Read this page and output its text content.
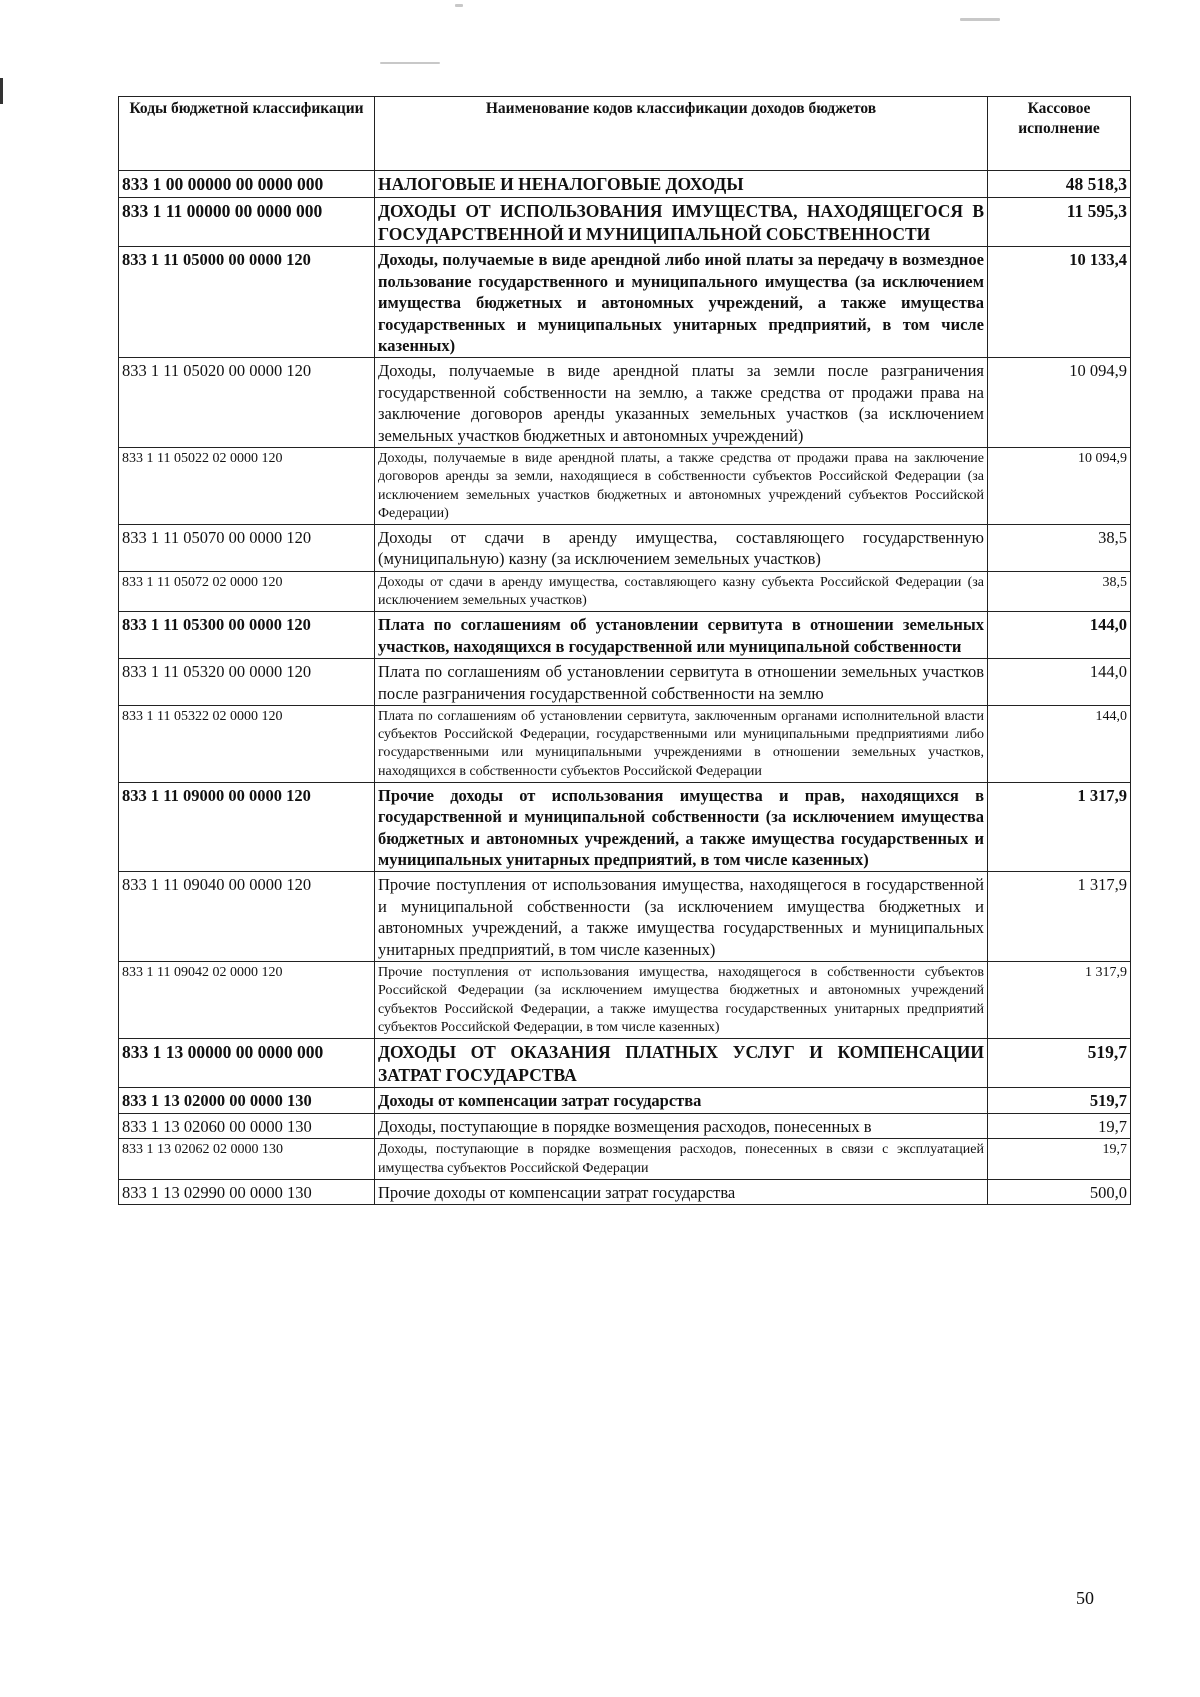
Коды бюджетной классификации	Наименование кодов классификации доходов бюджетов	Кассовое исполнение
833 1 00 00000 00 0000 000	НАЛОГОВЫЕ И НЕНАЛОГОВЫЕ ДОХОДЫ	48 518,3
833 1 11 00000 00 0000 000	ДОХОДЫ ОТ ИСПОЛЬЗОВАНИЯ ИМУЩЕСТВА, НАХОДЯЩЕГОСЯ В ГОСУДАРСТВЕННОЙ И МУНИЦИПАЛЬНОЙ СОБСТВЕННОСТИ	11 595,3
833 1 11 05000 00 0000 120	Доходы, получаемые в виде арендной либо иной платы за передачу в возмездное пользование государственного и муниципального имущества (за исключением имущества бюджетных и автономных учреждений, а также имущества государственных и муниципальных унитарных предприятий, в том числе казенных)	10 133,4
833 1 11 05020 00 0000 120	Доходы, получаемые в виде арендной платы за земли после разграничения государственной собственности на землю, а также средства от продажи права на заключение договоров аренды указанных земельных участков (за исключением земельных участков бюджетных и автономных учреждений)	10 094,9
833 1 11 05022 02 0000 120	Доходы, получаемые в виде арендной платы, а также средства от продажи права на заключение договоров аренды за земли, находящиеся в собственности субъектов Российской Федерации (за исключением земельных участков бюджетных и автономных учреждений субъектов Российской Федерации)	10 094,9
833 1 11 05070 00 0000 120	Доходы от сдачи в аренду имущества, составляющего государственную (муниципальную) казну (за исключением земельных участков)	38,5
833 1 11 05072 02 0000 120	Доходы от сдачи в аренду имущества, составляющего казну субъекта Российской Федерации (за исключением земельных участков)	38,5
833 1 11 05300 00 0000 120	Плата по соглашениям об установлении сервитута в отношении земельных участков, находящихся в государственной или муниципальной собственности	144,0
833 1 11 05320 00 0000 120	Плата по соглашениям об установлении сервитута в отношении земельных участков после разграничения государственной собственности на землю	144,0
833 1 11 05322 02 0000 120	Плата по соглашениям об установлении сервитута, заключенным органами исполнительной власти субъектов Российской Федерации, государственными или муниципальными предприятиями либо государственными или муниципальными учреждениями в отношении земельных участков, находящихся в собственности субъектов Российской Федерации	144,0
833 1 11 09000 00 0000 120	Прочие доходы от использования имущества и прав, находящихся в государственной и муниципальной собственности (за исключением имущества бюджетных и автономных учреждений, а также имущества государственных и муниципальных унитарных предприятий, в том числе казенных)	1 317,9
833 1 11 09040 00 0000 120	Прочие поступления от использования имущества, находящегося в государственной и муниципальной собственности (за исключением имущества бюджетных и автономных учреждений, а также имущества государственных и муниципальных унитарных предприятий, в том числе казенных)	1 317,9
833 1 11 09042 02 0000 120	Прочие поступления от использования имущества, находящегося в собственности субъектов Российской Федерации (за исключением имущества бюджетных и автономных учреждений субъектов Российской Федерации, а также имущества государственных унитарных предприятий субъектов Российской Федерации, в том числе казенных)	1 317,9
833 1 13 00000 00 0000 000	ДОХОДЫ ОТ ОКАЗАНИЯ ПЛАТНЫХ УСЛУГ И КОМПЕНСАЦИИ ЗАТРАТ ГОСУДАРСТВА	519,7
833 1 13 02000 00 0000 130	Доходы от компенсации затрат государства	519,7
833 1 13 02060 00 0000 130	Доходы, поступающие в порядке возмещения расходов, понесенных в	19,7
833 1 13 02062 02 0000 130	Доходы, поступающие в порядке возмещения расходов, понесенных в связи с эксплуатацией имущества субъектов Российской Федерации	19,7
833 1 13 02990 00 0000 130	Прочие доходы от компенсации затрат государства	500,0
50
